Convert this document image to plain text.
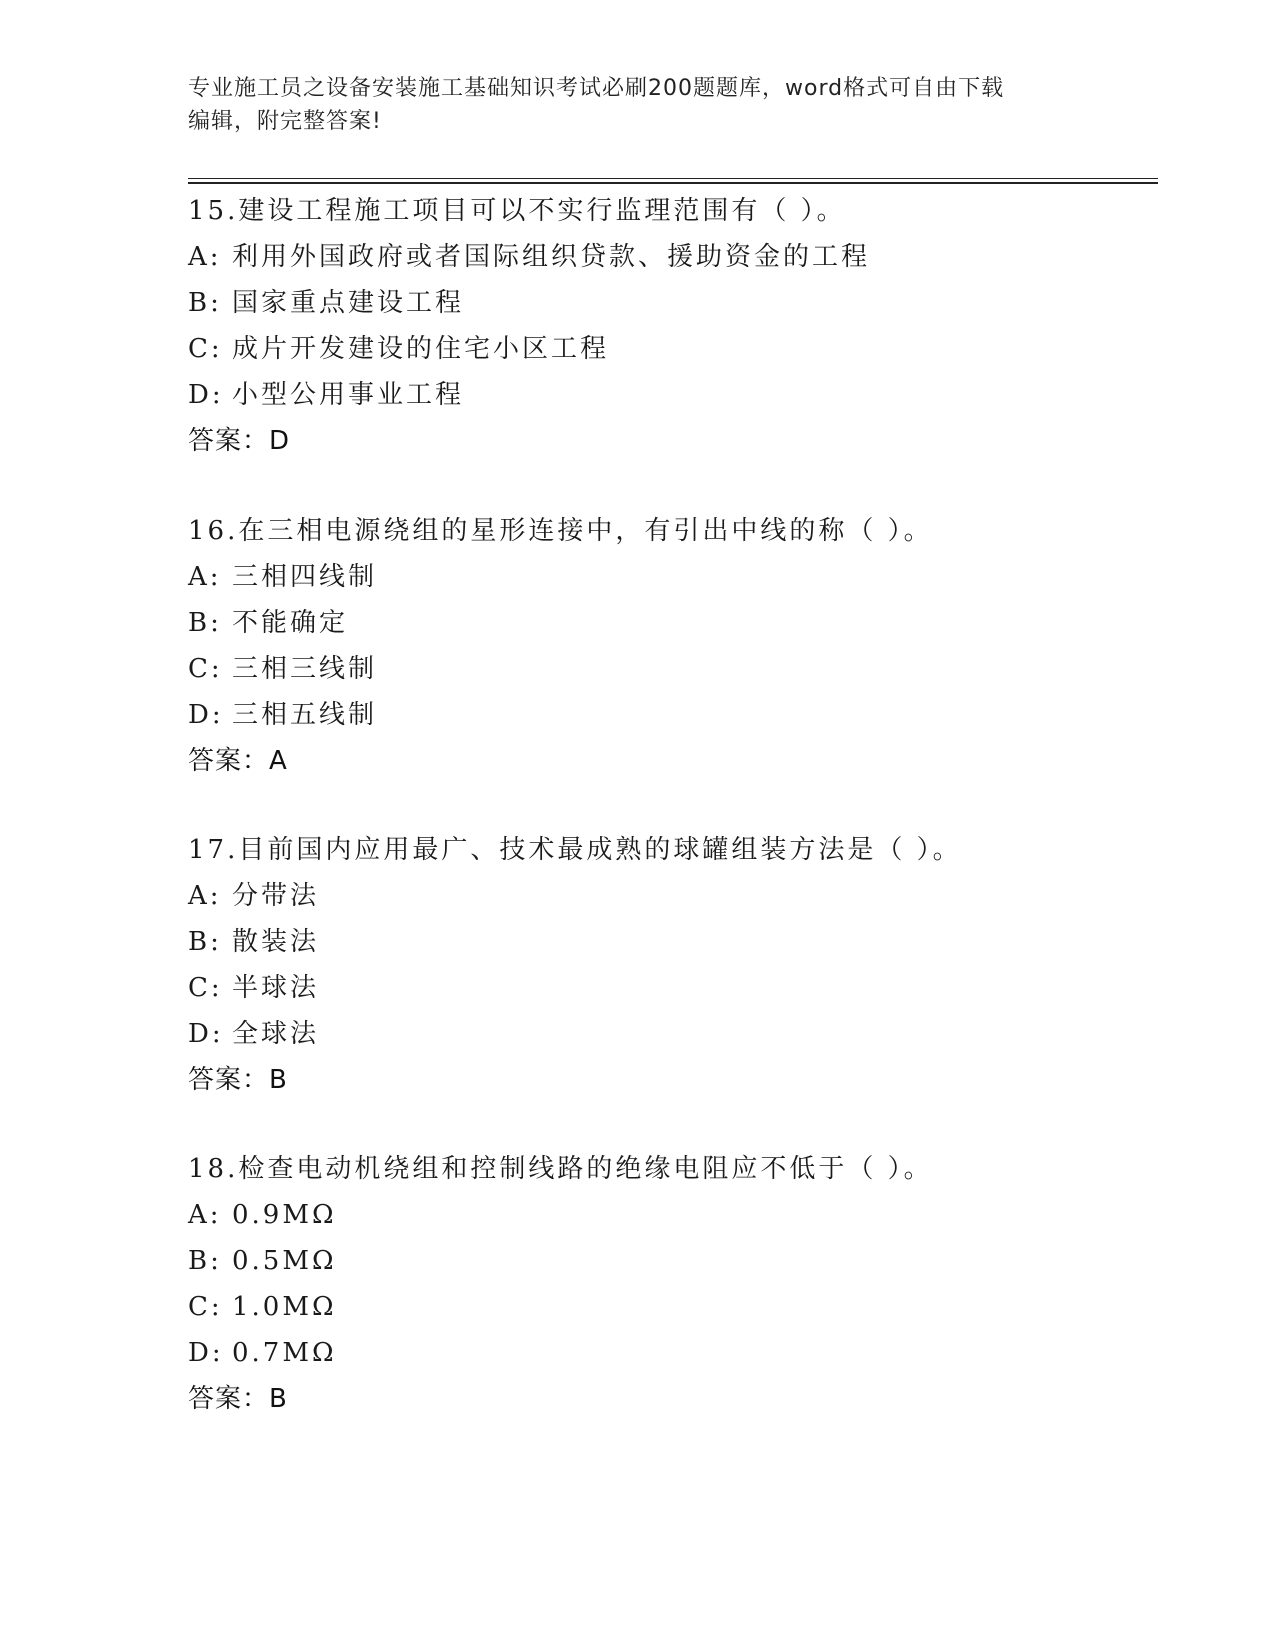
专业施工员之设备安装施工基础知识考试必刷200题题库，word格式可自由下载
编辑，附完整答案!
15.建设工程施工项目可以不实行监理范围有（ ）。
A: 利用外国政府或者国际组织贷款、援助资金的工程
B: 国家重点建设工程
C: 成片开发建设的住宅小区工程
D: 小型公用事业工程
答案：D
16.在三相电源绕组的星形连接中，有引出中线的称（ ）。
A: 三相四线制
B: 不能确定
C: 三相三线制
D: 三相五线制
答案：A
17.目前国内应用最广、技术最成熟的球罐组装方法是（ ）。
A: 分带法
B: 散装法
C: 半球法
D: 全球法
答案：B
18.检查电动机绕组和控制线路的绝缘电阻应不低于（ ）。
A: 0.9MΩ
B: 0.5MΩ
C: 1.0MΩ
D: 0.7MΩ
答案：B
